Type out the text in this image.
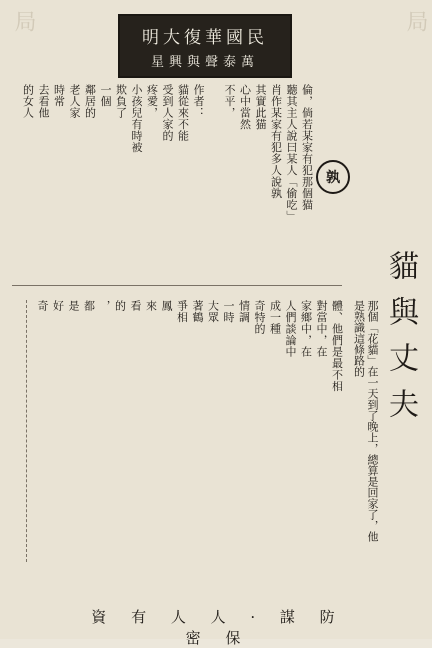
局	局
明大復華國民
星興與聲泰萬
孰
貓與丈夫
倫，倘若某家有犯那個猫
聽其主人說曰某人「偷吃」
肖作某家有犯多人說孰
其實此猫
心中當然
不平，
作者：
貓從來不能
受到人家的
疼愛，
小孩兒有時被
欺負了
一個
鄰居的
老人家
時常
去看他
的女人
體、他們是最不相
對當中，在
家鄉中，在
人們談論中
成一種
奇特的
情調
一時
大眾
著鶴
爭相
鳳
來
看
的
，
都
是
好
奇	那個「花貓」在一天到了晚上，總算是回家了，他是熟識這條路的
資 有 人 人 · 謀 防 密 保
